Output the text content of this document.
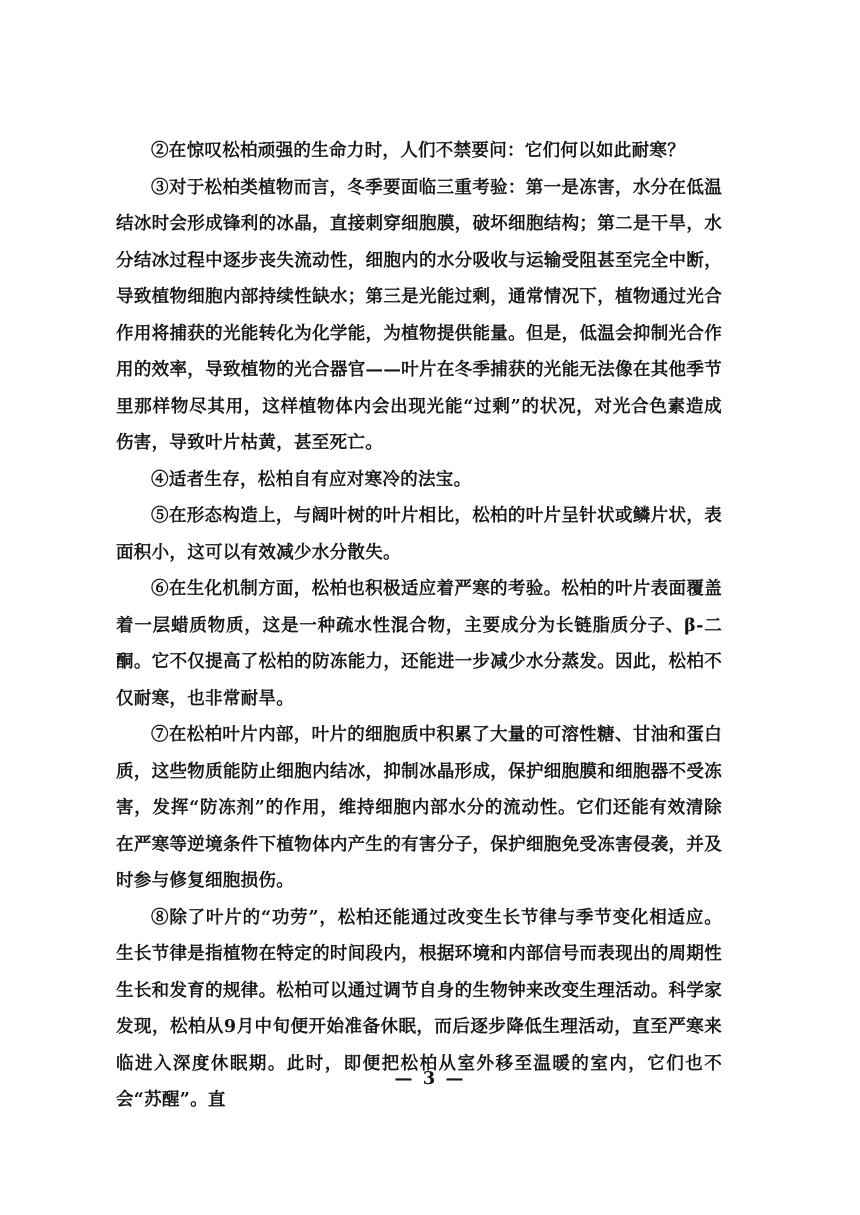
②在惊叹松柏顽强的生命力时，人们不禁要问：它们何以如此耐寒？

③对于松柏类植物而言，冬季要面临三重考验：第一是冻害，水分在低温结冰时会形成锋利的冰晶，直接刺穿细胞膜，破坏细胞结构；第二是干旱，水分结冰过程中逐步丧失流动性，细胞内的水分吸收与运输受阻甚至完全中断，导致植物细胞内部持续性缺水；第三是光能过剩，通常情况下，植物通过光合作用将捕获的光能转化为化学能，为植物提供能量。但是，低温会抑制光合作用的效率，导致植物的光合器官——叶片在冬季捕获的光能无法像在其他季节里那样物尽其用，这样植物体内会出现光能“过剩”的状况，对光合色素造成伤害，导致叶片枯黄，甚至死亡。

④适者生存，松柏自有应对寒冷的法宝。

⑤在形态构造上，与阔叶树的叶片相比，松柏的叶片呈针状或鳞片状，表面积小，这可以有效减少水分散失。

⑥在生化机制方面，松柏也积极适应着严寒的考验。松柏的叶片表面覆盖着一层蜡质物质，这是一种疏水性混合物，主要成分为长链脂质分子、β-二酮。它不仅提高了松柏的防冻能力，还能进一步减少水分蒸发。因此，松柏不仅耐寒，也非常耐旱。

⑦在松柏叶片内部，叶片的细胞质中积累了大量的可溶性糖、甘油和蛋白质，这些物质能防止细胞内结冰，抑制冰晶形成，保护细胞膜和细胞器不受冻害，发挥“防冻剂”的作用，维持细胞内部水分的流动性。它们还能有效清除在严寒等逆境条件下植物体内产生的有害分子，保护细胞免受冻害侵袭，并及时参与修复细胞损伤。

⑧除了叶片的“功劳”，松柏还能通过改变生长节律与季节变化相适应。生长节律是指植物在特定的时间段内，根据环境和内部信号而表现出的周期性生长和发育的规律。松柏可以通过调节自身的生物钟来改变生理活动。科学家发现，松柏从9月中旬便开始准备休眠，而后逐步降低生理活动，直至严寒来临进入深度休眠期。此时，即便把松柏从室外移至温暖的室内，它们也不会“苏醒”。直

— 3 —
